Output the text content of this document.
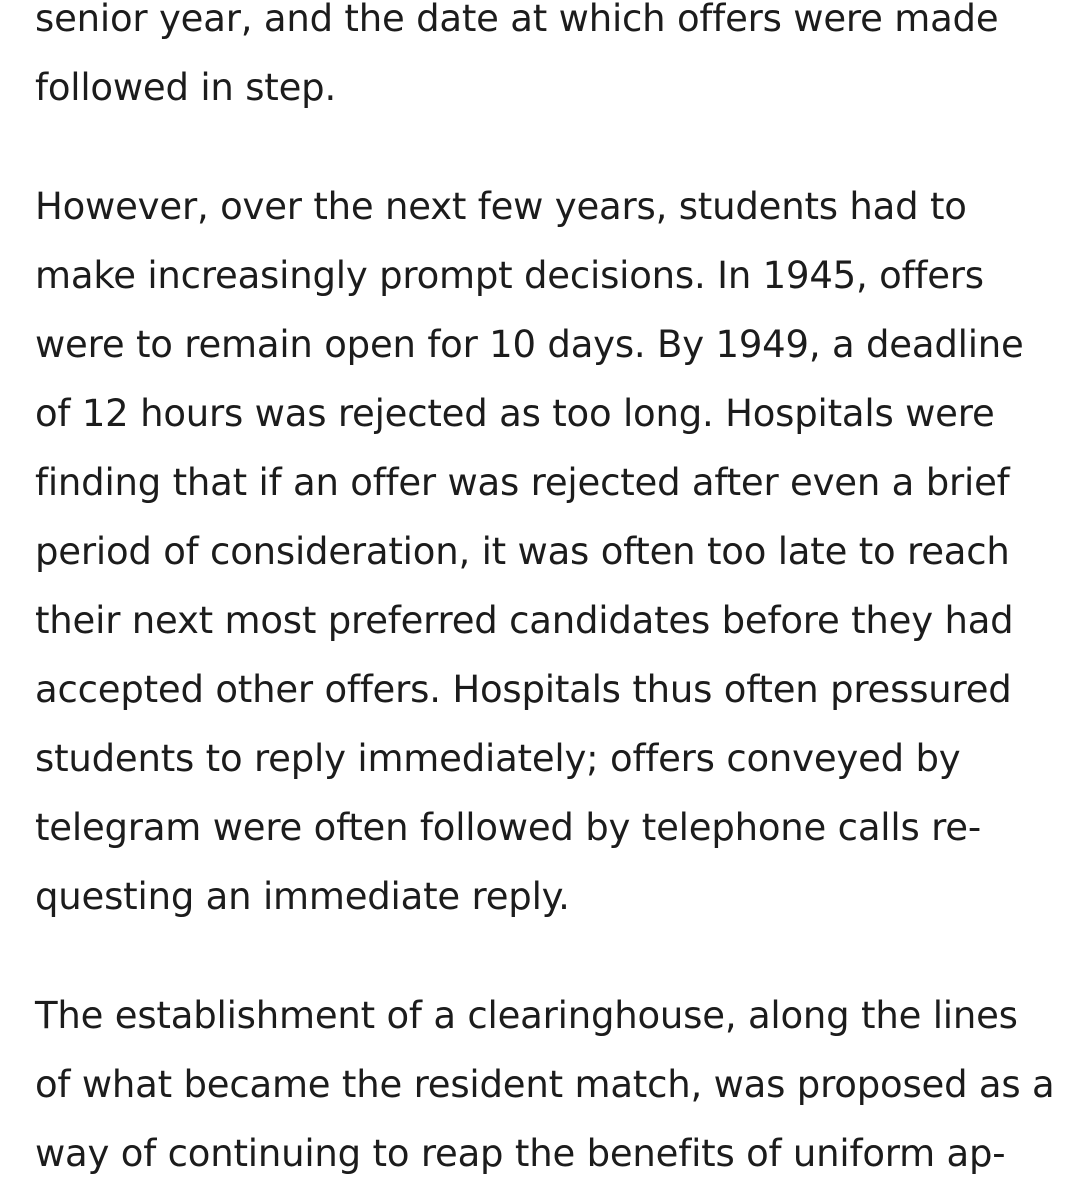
senior year, and the date at which offers were made
followed in step.

However, over the next few years, students had to
make increasingly prompt decisions. In 1945, offers
were to remain open for 10 days. By 1949, a deadline
of 12 hours was rejected as too long. Hospitals were
finding that if an offer was rejected after even a brief
period of consideration, it was often too late to reach
their next most preferred candidates before they had
accepted other offers. Hospitals thus often pressured
students to reply immediately; offers conveyed by
telegram were often followed by telephone calls re-
questing an immediate reply.

The establishment of a clearinghouse, along the lines
of what became the resident match, was proposed as a
way of continuing to reap the benefits of uniform ap-
